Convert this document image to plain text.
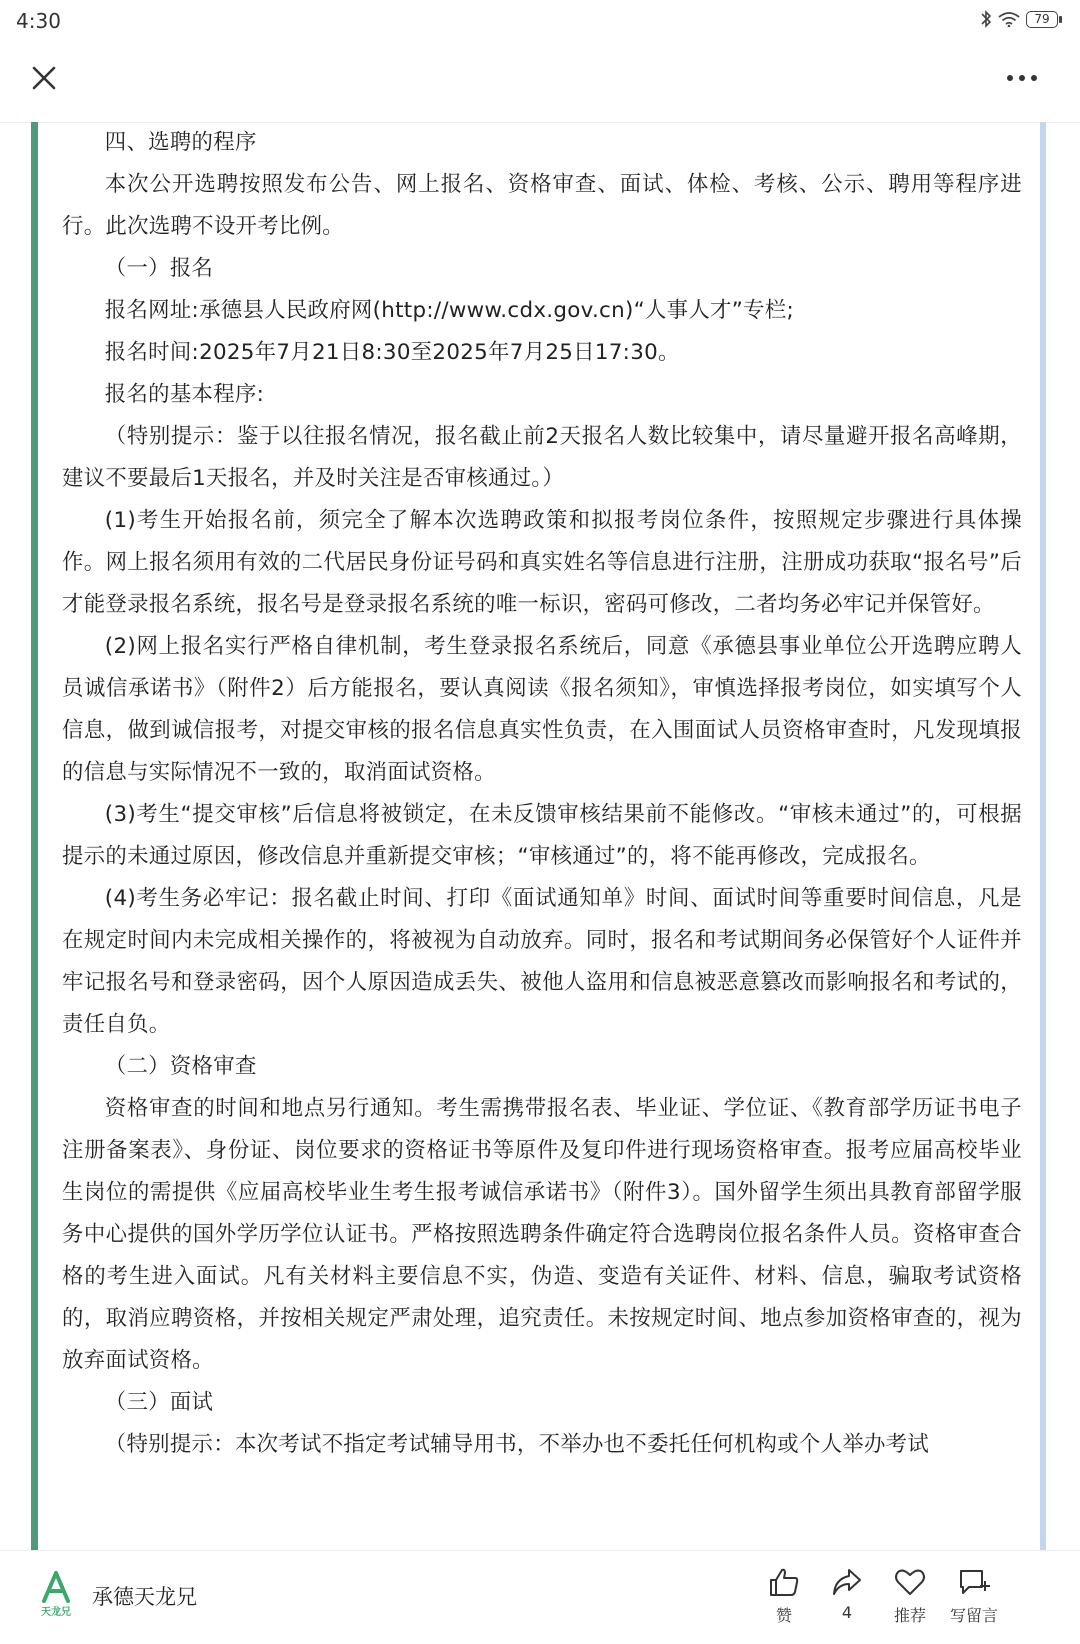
4:30	79

四、选聘的程序

本次公开选聘按照发布公告、网上报名、资格审查、面试、体检、考核、公示、聘用等程序进行。此次选聘不设开考比例。

（一）报名

报名网址:承德县人民政府网(http://www.cdx.gov.cn)“人事人才”专栏;

报名时间:2025年7月21日8:30至2025年7月25日17:30。

报名的基本程序:

（特别提示：鉴于以往报名情况，报名截止前2天报名人数比较集中，请尽量避开报名高峰期，建议不要最后1天报名，并及时关注是否审核通过。）

(1)考生开始报名前，须完全了解本次选聘政策和拟报考岗位条件，按照规定步骤进行具体操作。网上报名须用有效的二代居民身份证号码和真实姓名等信息进行注册，注册成功获取“报名号”后才能登录报名系统，报名号是登录报名系统的唯一标识，密码可修改，二者均务必牢记并保管好。

(2)网上报名实行严格自律机制，考生登录报名系统后，同意《承德县事业单位公开选聘应聘人员诚信承诺书》（附件2）后方能报名，要认真阅读《报名须知》，审慎选择报考岗位，如实填写个人信息，做到诚信报考，对提交审核的报名信息真实性负责，在入围面试人员资格审查时，凡发现填报的信息与实际情况不一致的，取消面试资格。

(3)考生“提交审核”后信息将被锁定，在未反馈审核结果前不能修改。“审核未通过”的，可根据提示的未通过原因，修改信息并重新提交审核；“审核通过”的，将不能再修改，完成报名。

(4)考生务必牢记：报名截止时间、打印《面试通知单》时间、面试时间等重要时间信息，凡是在规定时间内未完成相关操作的，将被视为自动放弃。同时，报名和考试期间务必保管好个人证件并牢记报名号和登录密码，因个人原因造成丢失、被他人盗用和信息被恶意篡改而影响报名和考试的，责任自负。

（二）资格审查

资格审查的时间和地点另行通知。考生需携带报名表、毕业证、学位证、《教育部学历证书电子注册备案表》、身份证、岗位要求的资格证书等原件及复印件进行现场资格审查。报考应届高校毕业生岗位的需提供《应届高校毕业生考生报考诚信承诺书》（附件3）。国外留学生须出具教育部留学服务中心提供的国外学历学位认证书。严格按照选聘条件确定符合选聘岗位报名条件人员。资格审查合格的考生进入面试。凡有关材料主要信息不实，伪造、变造有关证件、材料、信息，骗取考试资格的，取消应聘资格，并按相关规定严肃处理，追究责任。未按规定时间、地点参加资格审查的，视为放弃面试资格。

（三）面试

（特别提示：本次考试不指定考试辅导用书，不举办也不委托任何机构或个人举办考试

天龙兄
承德天龙兄
赞	4	推荐	写留言
